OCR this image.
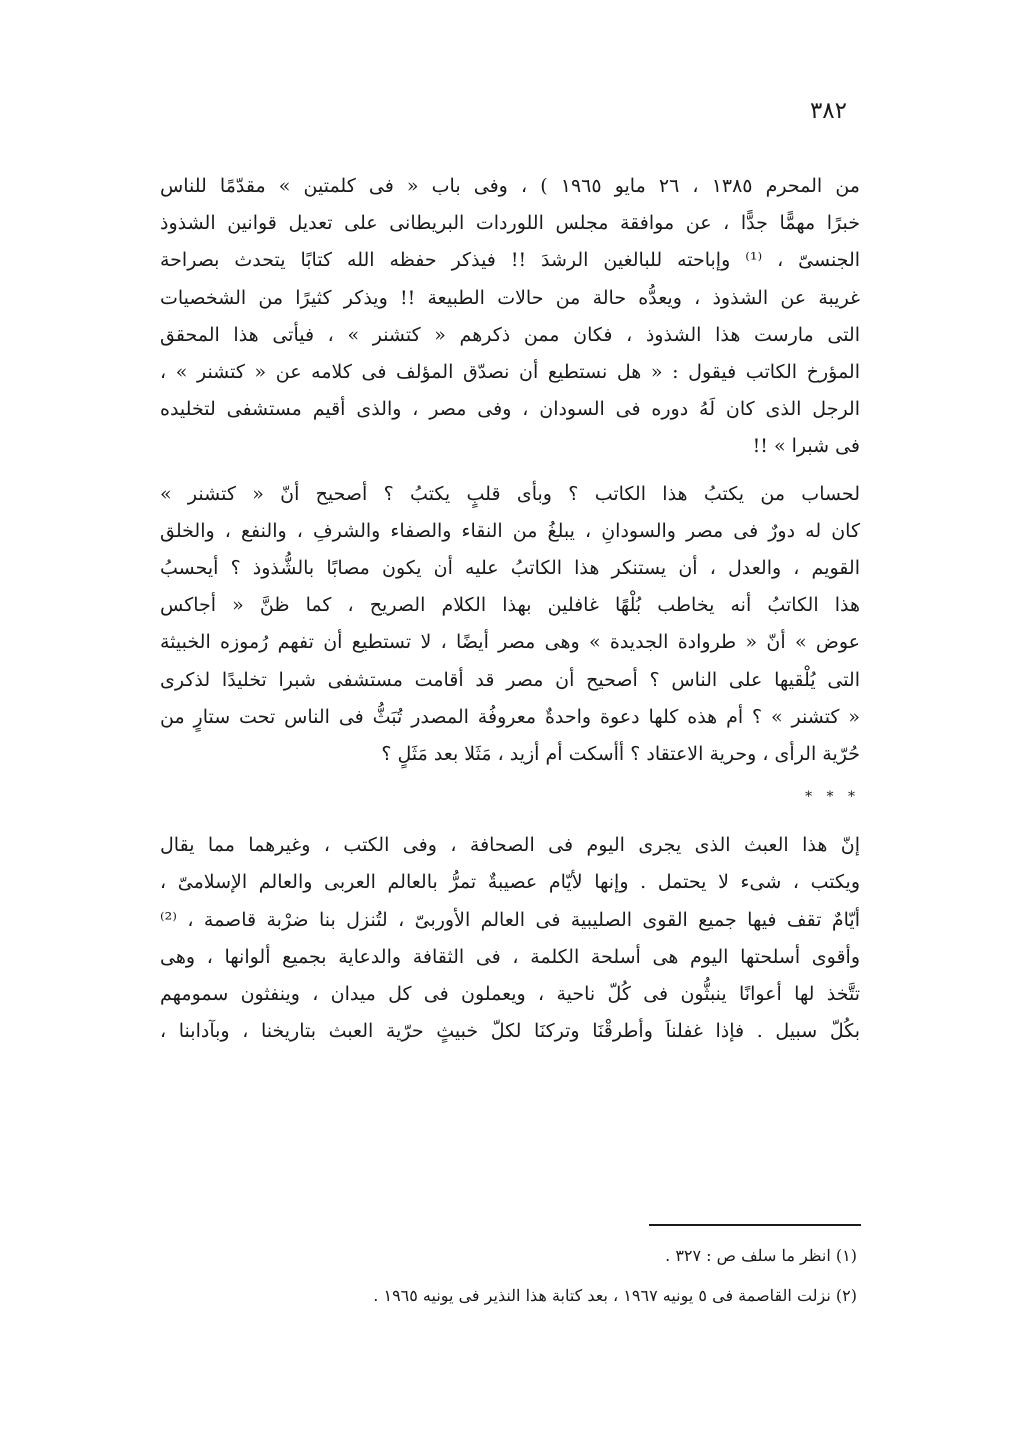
٣٨٢

من المحرم ١٣٨٥ ، ٢٦ مايو ١٩٦٥ ) ، وفى باب « فى كلمتين » مقدّمًا للناس
خبرًا مهمًّا جدًّا ، عن موافقة مجلس اللوردات البريطانى على تعديل قوانين الشذوذ
الجنسىّ ، ⁽¹⁾ وإباحته للبالغين الرشدَ !! فيذكر حفظه الله كتابًا يتحدث بصراحة
غريبة عن الشذوذ ، ويعدُّه حالة من حالات الطبيعة !! ويذكر كثيرًا من الشخصيات
التى مارست هذا الشذوذ ، فكان ممن ذكرهم « كتشنر » ، فيأتى هذا المحقق
المؤرخ الكاتب فيقول : « هل نستطيع أن نصدّق المؤلف فى كلامه عن « كتشنر » ،
الرجل الذى كان لَهُ دوره فى السودان ، وفى مصر ، والذى أقيم مستشفى لتخليده
فى شبرا » !!

لحساب من يكتبُ هذا الكاتب ؟ وبأى قلبٍ يكتبُ ؟ أصحيح أنّ « كتشنر »
كان له دورٌ فى مصر والسودانِ ، يبلغُ من النقاء والصفاء والشرفِ ، والنفع ، والخلق
القويم ، والعدل ، أن يستنكر هذا الكاتبُ عليه أن يكون مصابًا بالشُّذوذ ؟ أيحسبُ
هذا الكاتبُ أنه يخاطب بُلْهًا غافلين بهذا الكلام الصريح ، كما ظنَّ « أجاكس
عوض » أنّ « طروادة الجديدة » وهى مصر أيضًا ، لا تستطيع أن تفهم رُموزه الخبيثة
التى يُلْقيها على الناس ؟ أصحيح أن مصر قد أقامت مستشفى شبرا تخليدًا لذكرى
« كتشنر » ؟ أم هذه كلها دعوة واحدةٌ معروفُة المصدر تُبَثُّ فى الناس تحت ستارٍ من
حُرّية الرأى ، وحرية الاعتقاد ؟ أأسكت أم أزيد ، مَثَلا بعد مَثَلٍ ؟

* * *

إنّ هذا العبث الذى يجرى اليوم فى الصحافة ، وفى الكتب ، وغيرهما مما يقال
ويكتب ، شىء لا يحتمل . وإنها لأيّام عصيبةٌ تمرُّ بالعالم العربى والعالم الإسلامىّ ،
أيّامٌ تقف فيها جميع القوى الصليبية فى العالم الأوربىّ ، لتُنزل بنا ضرْبة قاصمة ، ⁽²⁾
وأقوى أسلحتها اليوم هى أسلحة الكلمة ، فى الثقافة والدعاية بجميع ألوانها ، وهى
تتَّخذ لها أعوانًا ينبثُّون فى كُلّ ناحية ، ويعملون فى كل ميدان ، وينفثون سمومهم
بكُلّ سبيل . فإذا غفلناَ وأطرقْنَا وتركنَا لكلّ خبيثٍ حرّية العبث بتاريخنا ، وبآدابنا ،

(١) انظر ما سلف ص : ٣٢٧ .
(٢) نزلت القاصمة فى ٥ يونيه ١٩٦٧ ، بعد كتابة هذا النذير فى يونيه ١٩٦٥ .
